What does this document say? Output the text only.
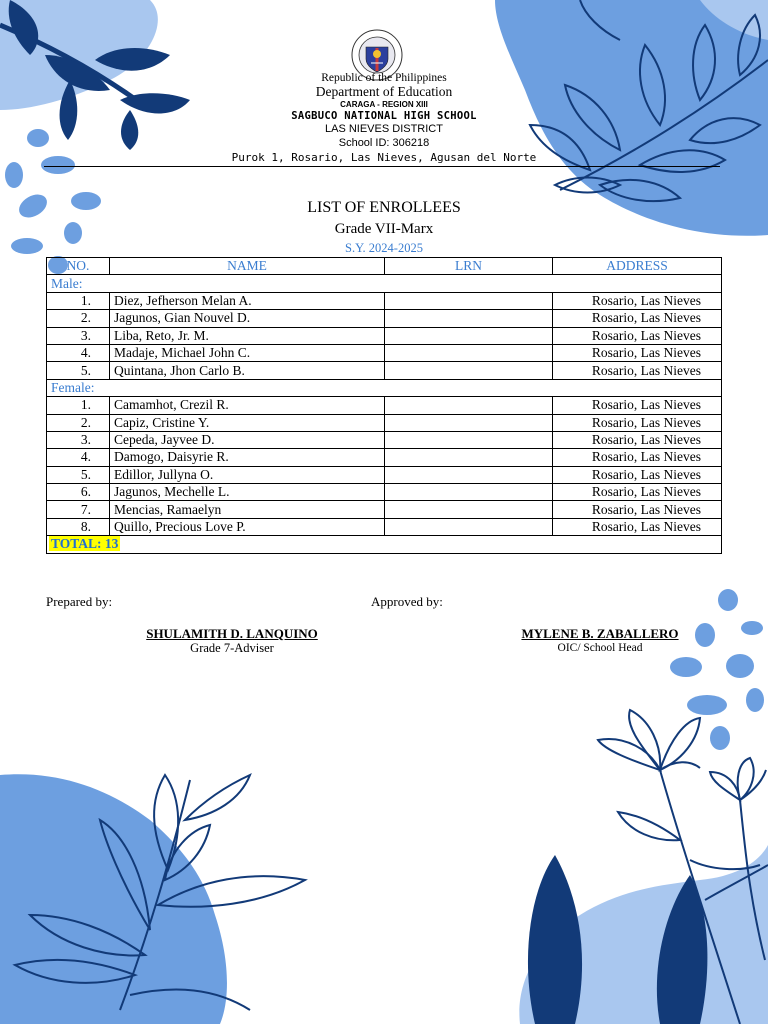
Republic of the Philippines
Department of Education
CARAGA - REGION XIII
SAGBUCO NATIONAL HIGH SCHOOL
LAS NIEVES DISTRICT
School ID: 306218
Purok 1, Rosario, Las Nieves, Agusan del Norte
LIST OF ENROLLEES
Grade VII-Marx
S.Y. 2024-2025
NO.	NAME	LRN	ADDRESS
Male:			
1.	Diez, Jefherson Melan A.		Rosario, Las Nieves
2.	Jagunos, Gian Nouvel D.		Rosario, Las Nieves
3.	Liba, Reto, Jr. M.		Rosario, Las Nieves
4.	Madaje, Michael John C.		Rosario, Las Nieves
5.	Quintana, Jhon Carlo B.		Rosario, Las Nieves
Female:			
1.	Camamhot, Crezil R.		Rosario, Las Nieves
2.	Capiz, Cristine Y.		Rosario, Las Nieves
3.	Cepeda, Jayvee D.		Rosario, Las Nieves
4.	Damogo, Daisyrie R.		Rosario, Las Nieves
5.	Edillor, Jullyna O.		Rosario, Las Nieves
6.	Jagunos, Mechelle L.		Rosario, Las Nieves
7.	Mencias, Ramaelyn		Rosario, Las Nieves
8.	Quillo, Precious Love P.		Rosario, Las Nieves
TOTAL: 13			
Prepared by:	Approved by:
SHULAMITH D. LANQUINO
Grade 7-Adviser
MYLENE B. ZABALLERO
OIC/ School Head
